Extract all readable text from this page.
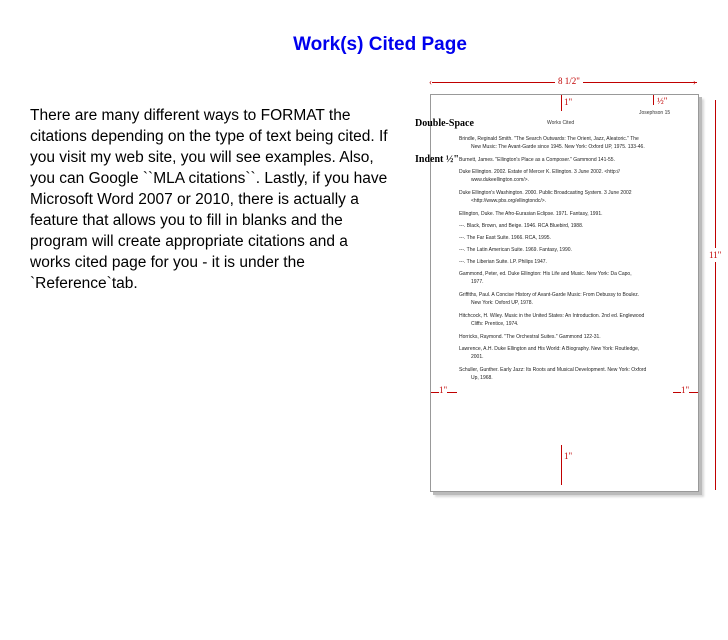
Work(s) Cited Page
There are many different ways to FORMAT the citations depending on the type of text being cited. If you visit my web site, you will see examples. Also, you can Google ``MLA citations``. Lastly, if you have Microsoft Word 2007 or 2010, there is actually a feature that allows you to fill in blanks and the program will create appropriate citations and a works cited page for you - it is under the `Reference`tab.
8 1/2"
‹	›
11"
1"	½"
Josephson 15
Works Cited
Brindle, Reginald Smith. "The Search Outwards: The Orient, Jazz, Aleatoric." The
New Music: The Avant-Garde since 1945. New York: Oxford UP, 1975. 133-46.
Burnett, James. "Ellington's Place as a Composer." Gammond 141-55.
Duke Ellington. 2002. Estate of Mercer K. Ellington. 3 June 2002. <http://
www.dukeellington.com/>.
Duke Ellington's Washington. 2000. Public Broadcasting System. 3 June 2002
<http://www.pbs.org/ellingtondc/>.
Ellington, Duke. The Afro-Eurasian Eclipse. 1971. Fantasy, 1991.
---. Black, Brown, and Beige. 1946. RCA Bluebird, 1988.
---. The Far East Suite. 1966. RCA, 1995.
---. The Latin American Suite. 1969. Fantasy, 1990.
---. The Liberian Suite. LP. Philips 1947.
Gammond, Peter, ed. Duke Ellington: His Life and Music. New York: Da Capo,
1977.
Griffiths, Paul. A Concise History of Avant-Garde Music: From Debussy to Boulez.
New York: Oxford UP, 1978.
Hitchcock, H. Wiley. Music in the United States: An Introduction. 2nd ed. Englewood
Cliffs: Prentice, 1974.
Horricks, Raymond. "The Orchestral Suites." Gammond 122-31.
Lawrence, A.H. Duke Ellington and His World: A Biography. New York: Routledge,
2001.
Schuller, Gunther. Early Jazz: Its Roots and Musical Development. New York: Oxford
Up, 1968.
1"
1"	1"
Double-Space
Indent ½"
